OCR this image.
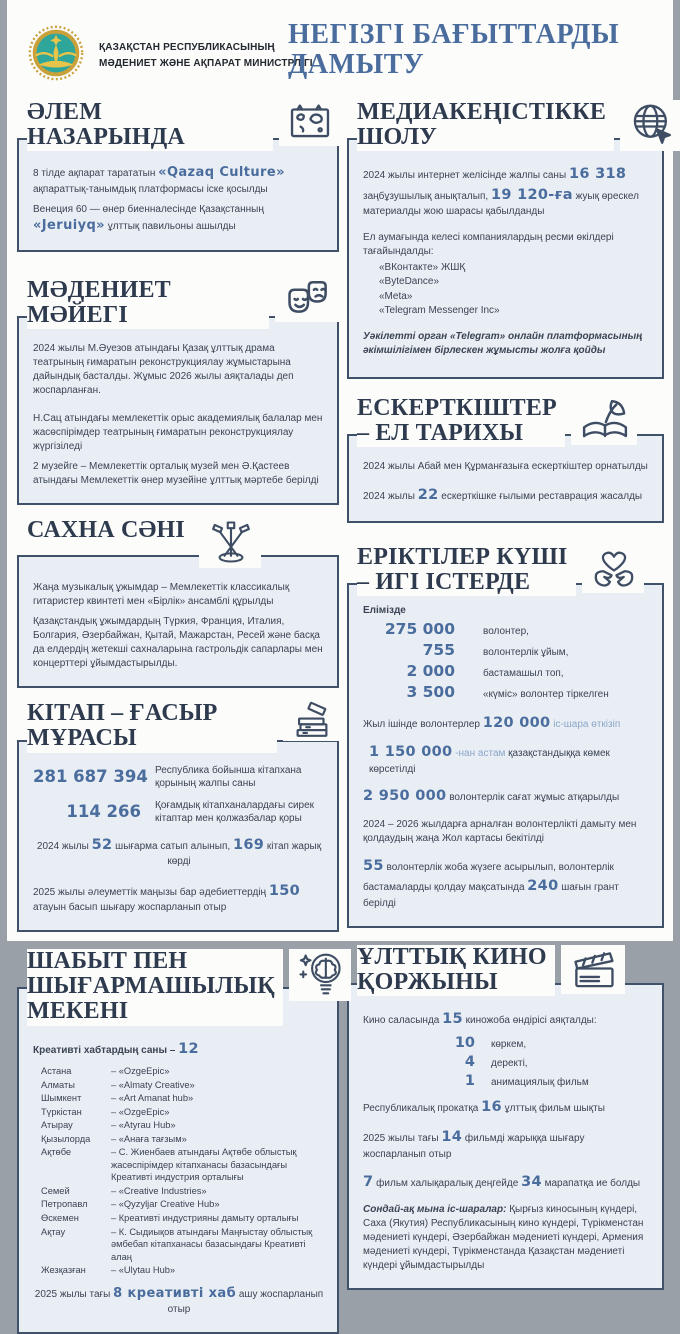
ҚАЗАҚСТАН РЕСПУБЛИКАСЫНЫҢ
МӘДЕНИЕТ ЖӘНЕ АҚПАРАТ МИНИСТРЛІГІ
НЕГІЗГІ БАҒЫТТАРДЫ
ДАМЫТУ
ӘЛЕМ НАЗАРЫНДА

8 тілде ақпарат тарататын «Qazaq Culture» ақпараттық-танымдық платформасы іске қосылды

Венеция 60 — өнер биенналесінде Қазақстанның «Jeruiyq» ұлттық павильоны ашылды

МӘДЕНИЕТ МӘЙЕГІ

2024 жылы М.Әуезов атындағы Қазақ ұлттық драма театрының ғимаратын реконструкциялау жұмыстарына дайындық басталды. Жұмыс 2026 жылы аяқталады деп жоспарланған.

Н.Сац атындағы мемлекеттік орыс академиялық балалар мен жасөспірімдер театрының ғимаратын реконструкциялау жүргізіледі

2 музейге – Мемлекеттік орталық музей мен Ә.Қастеев атындағы Мемлекеттік өнер музейіне ұлттық мәртебе берілді

САХНА СӘНІ

Жаңа музыкалық ұжымдар – Мемлекеттік классикалық гитаристер квинтеті мен «Бірлік» ансамблі құрылды

Қазақстандық ұжымдардың Түркия, Франция, Италия, Болгария, Әзербайжан, Қытай, Мажарстан, Ресей және басқа да елдердің жетекші сахналарына гастрольдік сапарлары мен концерттері ұйымдастырылды.

КІТАП – ҒАСЫР МҰРАСЫ
281 687 394 Республика бойынша кітапхана қорының жалпы саны
114 266 Қоғамдық кітапханалардағы сирек кітаптар мен қолжазбалар қоры

2024 жылы 52 шығарма сатып алынып, 169 кітап жарық көрді

2025 жылы әлеуметтік маңызы бар әдебиеттердің 150 атауын басып шығару жоспарланып отыр

ШАБЫТ ПЕН
ШЫҒАРМАШЫЛЫҚ
МЕКЕНІ

Креативті хабтардың саны – 12

Астана	– «OzgeEpic»
Алматы	– «Almaty Creative»
Шымкент	– «Art Amanat hub»
Түркістан	– «OzgeEpic»
Атырау	– «Atyrau Hub»
Қызылорда	– «Анаға тағзым»
Ақтөбе	– С. Жиенбаев атындағы Ақтөбе облыстық жасөспірімдер кітапханасы базасындағы Креативті индустрия орталығы
Семей	– «Creative Industries»
Петропавл	– «Qyzyljar Creative Hub»
Өскемен	– Креативті индустрияны дамыту орталығы
Ақтау	– К. Сыдиықов атындағы Маңғыстау облыстық әмбебап кітапханасы базасындағы Креативті алаң
Жезқазған	– «Ulytau Hub»

2025 жылы тағы 8 креативті хаб ашу жоспарланып отыр

МЕДИАКЕҢІСТІККЕ
ШОЛУ

2024 жылы интернет желісінде жалпы саны 16 318 заңбұзушылық анықталып, 19 120-ға жуық өрескел материалды жою шарасы қабылданды

Ел аумағында келесі компаниялардың ресми өкілдері тағайындалды:

«ВКонтакте» ЖШҚ
«ByteDance»
«Meta»
«Telegram Messenger Inc»

Уәкілетті орган «Telegram» онлайн платформасының әкімшілігімен бірлескен жұмысты жолға қойды

ЕСКЕРТКІШТЕР
– ЕЛ ТАРИХЫ

2024 жылы Абай мен Құрманғазыға ескерткіштер орнатылды

2024 жылы 22 ескерткішке ғылыми реставрация жасалды

ЕРІКТІЛЕР КҮШІ
– ИГІ ІСТЕРДЕ
Елімізде
275 000	волонтер,
755	волонтерлік ұйым,
2 000	бастамашыл топ,
3 500	«күміс» волонтер тіркелген

Жыл ішінде волонтерлер 120 000 іс-шара өткізіп

1 150 000 -нан астам қазақстандыққа көмек көрсетілді

2 950 000 волонтерлік сағат жұмыс атқарылды

2024 – 2026 жылдарға арналған волонтерлікті дамыту мен қолдаудың жаңа Жол картасы бекітілді

55 волонтерлік жоба жүзеге асырылып, волонтерлік бастамаларды қолдау мақсатында 240 шағын грант берілді

ҰЛТТЫҚ КИНО
ҚОРЖЫНЫ

Кино саласында 15 киножоба өндірісі аяқталды:

10 көркем,
4 деректі,
1 анимациялық фильм

Республикалық прокатқа 16 ұлттық фильм шықты

2025 жылы тағы 14 фильмді жарыққа шығару жоспарланып отыр

7 фильм халықаралық деңгейде 34 марапатқа ие болды

Сондай-ақ мына іс-шаралар: Қырғыз киносының күндері, Саха (Якутия) Республикасының кино күндері, Түрікменстан мәдениеті күндері, Әзербайжан мәдениеті күндері, Армения мәдениеті күндері, Түрікменстанда Қазақстан мәдениеті күндері ұйымдастырылды
